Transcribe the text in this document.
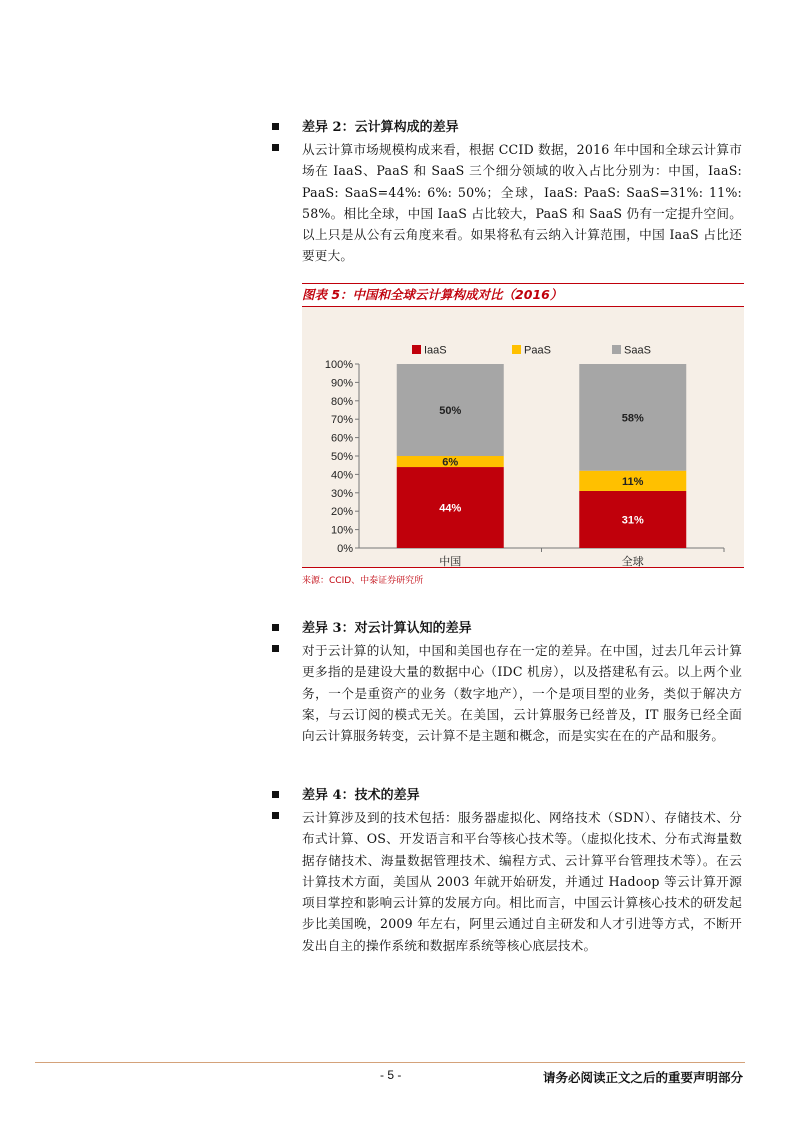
差异 2：云计算构成的差异
从云计算市场规模构成来看，根据 CCID 数据，2016 年中国和全球云计算市场在 IaaS、PaaS 和 SaaS 三个细分领域的收入占比分别为：中国，IaaS: PaaS: SaaS=44%: 6%: 50%；全球，IaaS: PaaS: SaaS=31%: 11%: 58%。相比全球，中国 IaaS 占比较大，PaaS 和 SaaS 仍有一定提升空间。以上只是从公有云角度来看。如果将私有云纳入计算范围，中国 IaaS 占比还要更大。
图表 5：中国和全球云计算构成对比（2016）
IaaS	PaaS	SaaS
0%
10%
20%
30%
40%
50%
60%
70%
80%
90%
100%
44%
6%
50%
中国
31%
11%
58%
全球
来源：CCID、中泰证券研究所
差异 3：对云计算认知的差异
对于云计算的认知，中国和美国也存在一定的差异。在中国，过去几年云计算更多指的是建设大量的数据中心（IDC 机房），以及搭建私有云。以上两个业务，一个是重资产的业务（数字地产），一个是项目型的业务，类似于解决方案，与云订阅的模式无关。在美国，云计算服务已经普及，IT 服务已经全面向云计算服务转变，云计算不是主题和概念，而是实实在在的产品和服务。
差异 4：技术的差异
云计算涉及到的技术包括：服务器虚拟化、网络技术（SDN）、存储技术、分布式计算、OS、开发语言和平台等核心技术等。（虚拟化技术、分布式海量数据存储技术、海量数据管理技术、编程方式、云计算平台管理技术等）。在云计算技术方面，美国从 2003 年就开始研发，并通过 Hadoop 等云计算开源项目掌控和影响云计算的发展方向。相比而言，中国云计算核心技术的研发起步比美国晚，2009 年左右，阿里云通过自主研发和人才引进等方式，不断开发出自主的操作系统和数据库系统等核心底层技术。
- 5 -	请务必阅读正文之后的重要声明部分
